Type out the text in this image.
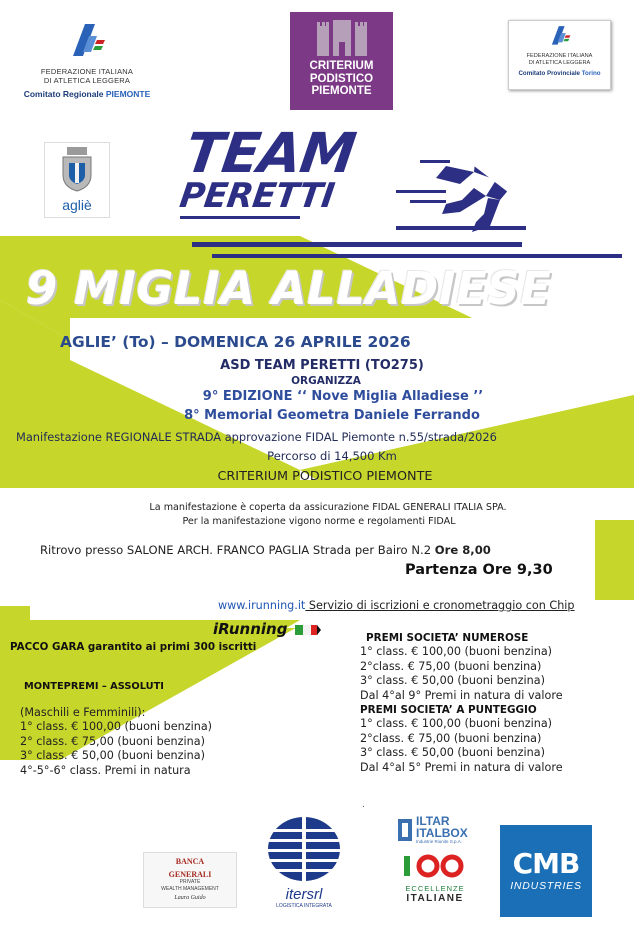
FEDERAZIONE ITALIANA
DI ATLETICA LEGGERA
Comitato Regionale PIEMONTE
CRITERIUM
PODISTICO
PIEMONTE
FEDERAZIONE ITALIANA
DI ATLETICA LEGGERA
Comitato Provinciale Torino
agliè
TEAM
PERETTI
9 MIGLIA ALLADIESE
AGLIE’ (To) – DOMENICA 26 APRILE 2026
ASD TEAM PERETTI (TO275)
ORGANIZZA
9° EDIZIONE ‘‘ Nove Miglia Alladiese ’’
8° Memorial Geometra Daniele Ferrando
Manifestazione REGIONALE STRADA approvazione FIDAL Piemonte n.55/strada/2026
Percorso di 14,500 Km
CRITERIUM PODISTICO PIEMONTE
La manifestazione è coperta da assicurazione FIDAL GENERALI ITALIA SPA.
Per la manifestazione vigono norme e regolamenti FIDAL
Ritrovo presso SALONE ARCH. FRANCO PAGLIA Strada per Bairo N.2 Ore 8,00
Partenza Ore 9,30
www.irunning.it Servizio di iscrizioni e cronometraggio con Chip
iRunning
PACCO GARA garantito ai primi 300 iscritti
MONTEPREMI – ASSOLUTI
(Maschili e Femminili):
1° class. € 100,00 (buoni benzina)
2° class. € 75,00 (buoni benzina)
3° class. € 50,00 (buoni benzina)
4°-5°-6° class. Premi in natura
PREMI SOCIETA’ NUMEROSE
1° class. € 100,00 (buoni benzina)
2°class. € 75,00 (buoni benzina)
3° class. € 50,00 (buoni benzina)
Dal 4°al 9° Premi in natura di valore
PREMI SOCIETA’ A PUNTEGGIO
1° class. € 100,00 (buoni benzina)
2°class. € 75,00 (buoni benzina)
3° class. € 50,00 (buoni benzina)
Dal 4°al 5° Premi in natura di valore
.
BANCA
GENERALI
PRIVATE
WEALTH MANAGEMENT
Laura Guido	itersrl
LOGISTICA INTEGRATA
ILTAR
ITALBOX
Industrie Riunite S.p.A.
ECCELLENZE
ITALIANE
CMB
INDUSTRIES
